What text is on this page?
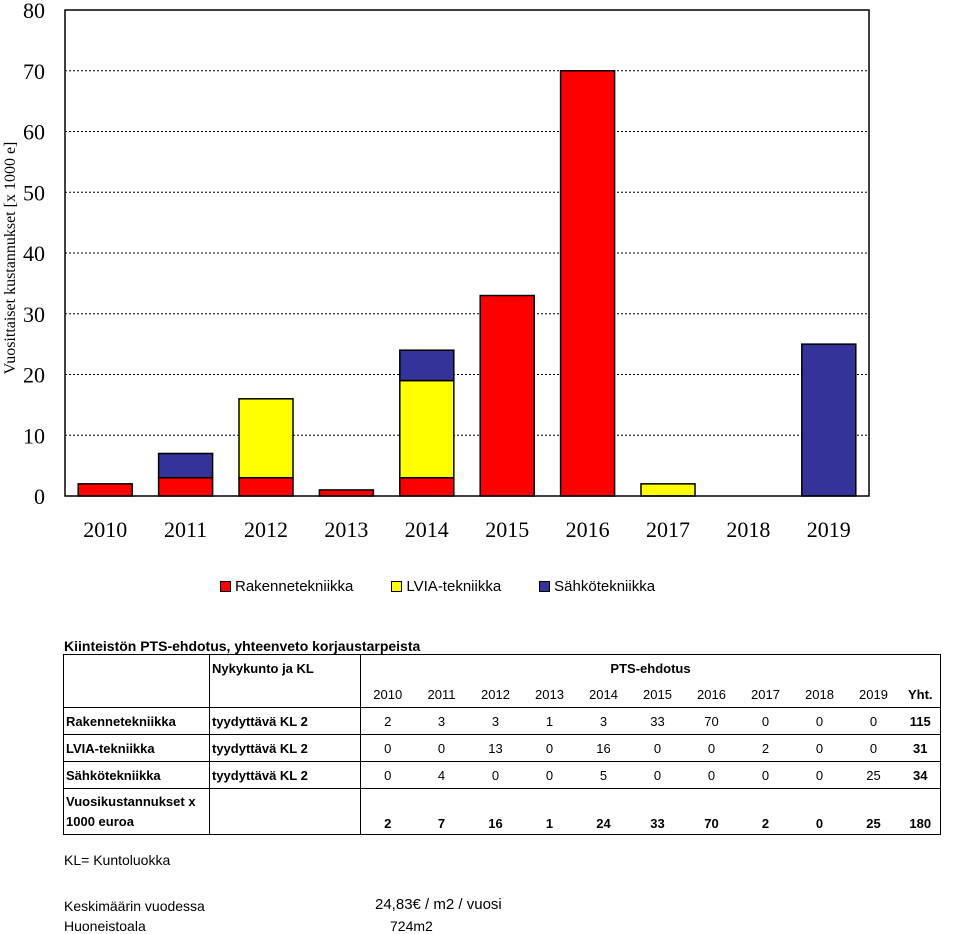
0
10
20
30
40
50
60
70
80
2010 2011 2012 2013 2014 2015 2016 2017 2018 2019
Vuosittaiset kustannukset [x 1000 e]
Rakennetekniikka	LVIA-tekniikka	Sähkötekniikka
Kiinteistön PTS-ehdotus, yhteenveto korjaustarpeista
	Nykykunto ja KL	PTS-ehdotus										
		2010	2011	2012	2013	2014	2015	2016	2017	2018	2019	Yht.
Rakennetekniikka	tyydyttävä KL 2	2	3	3	1	3	33	70	0	0	0	115
LVIA-tekniikka	tyydyttävä KL 2	0	0	13	0	16	0	0	2	0	0	31
Sähkötekniikka	tyydyttävä KL 2	0	4	0	0	5	0	0	0	0	25	34

Vuosikustannukset x
1000 euroa		2	7	16	1	24	33	70	2	0	25	180
KL= Kuntoluokka
Keskimäärin vuodessa	24,83€ / m2 / vuosi
Huoneistoala	724m2
